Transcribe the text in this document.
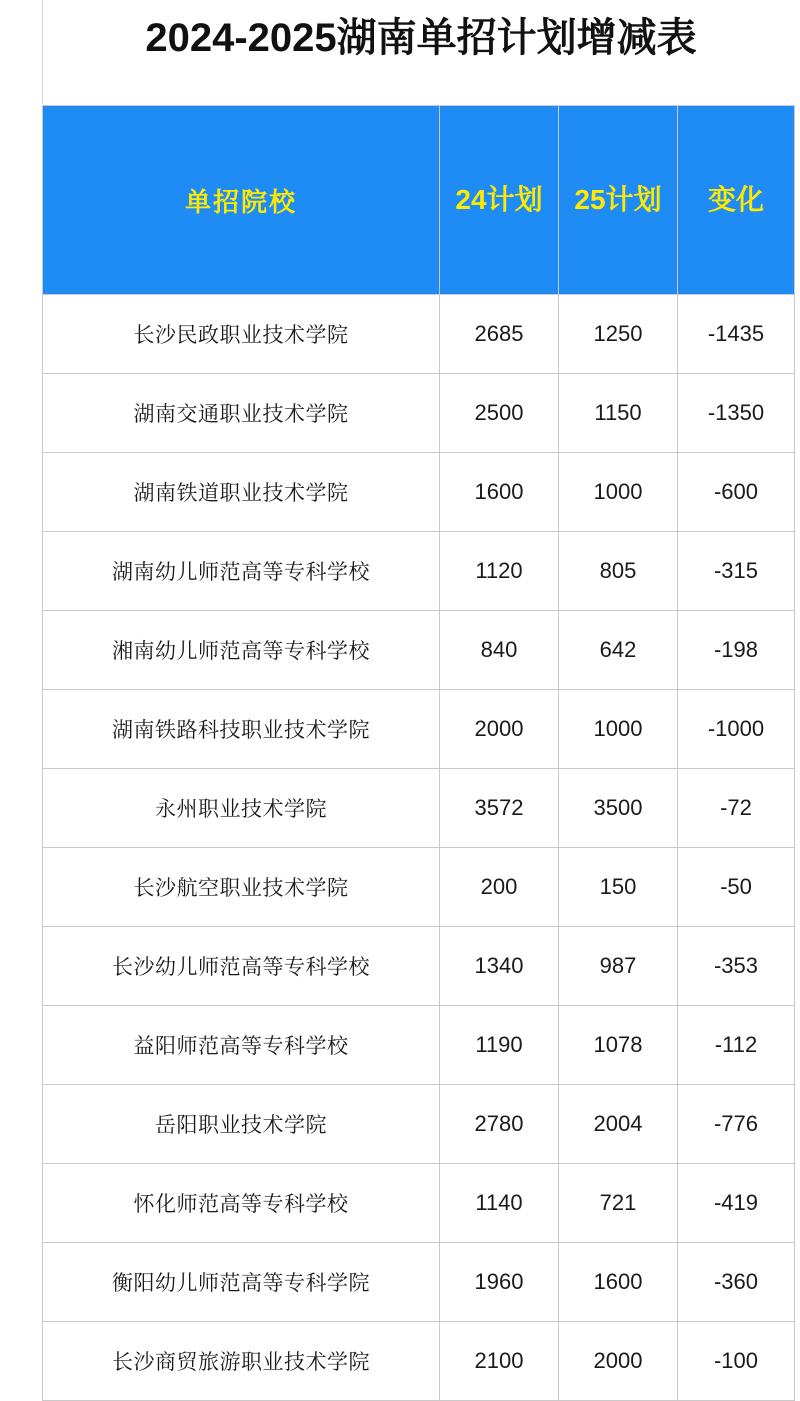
2024-2025湖南单招计划增减表
单招院校	24计划	25计划	变化
长沙民政职业技术学院	2685	1250	-1435
湖南交通职业技术学院	2500	1150	-1350
湖南铁道职业技术学院	1600	1000	-600
湖南幼儿师范高等专科学校	1120	805	-315
湘南幼儿师范高等专科学校	840	642	-198
湖南铁路科技职业技术学院	2000	1000	-1000
永州职业技术学院	3572	3500	-72
长沙航空职业技术学院	200	150	-50
长沙幼儿师范高等专科学校	1340	987	-353
益阳师范高等专科学校	1190	1078	-112
岳阳职业技术学院	2780	2004	-776
怀化师范高等专科学校	1140	721	-419
衡阳幼儿师范高等专科学院	1960	1600	-360
长沙商贸旅游职业技术学院	2100	2000	-100
